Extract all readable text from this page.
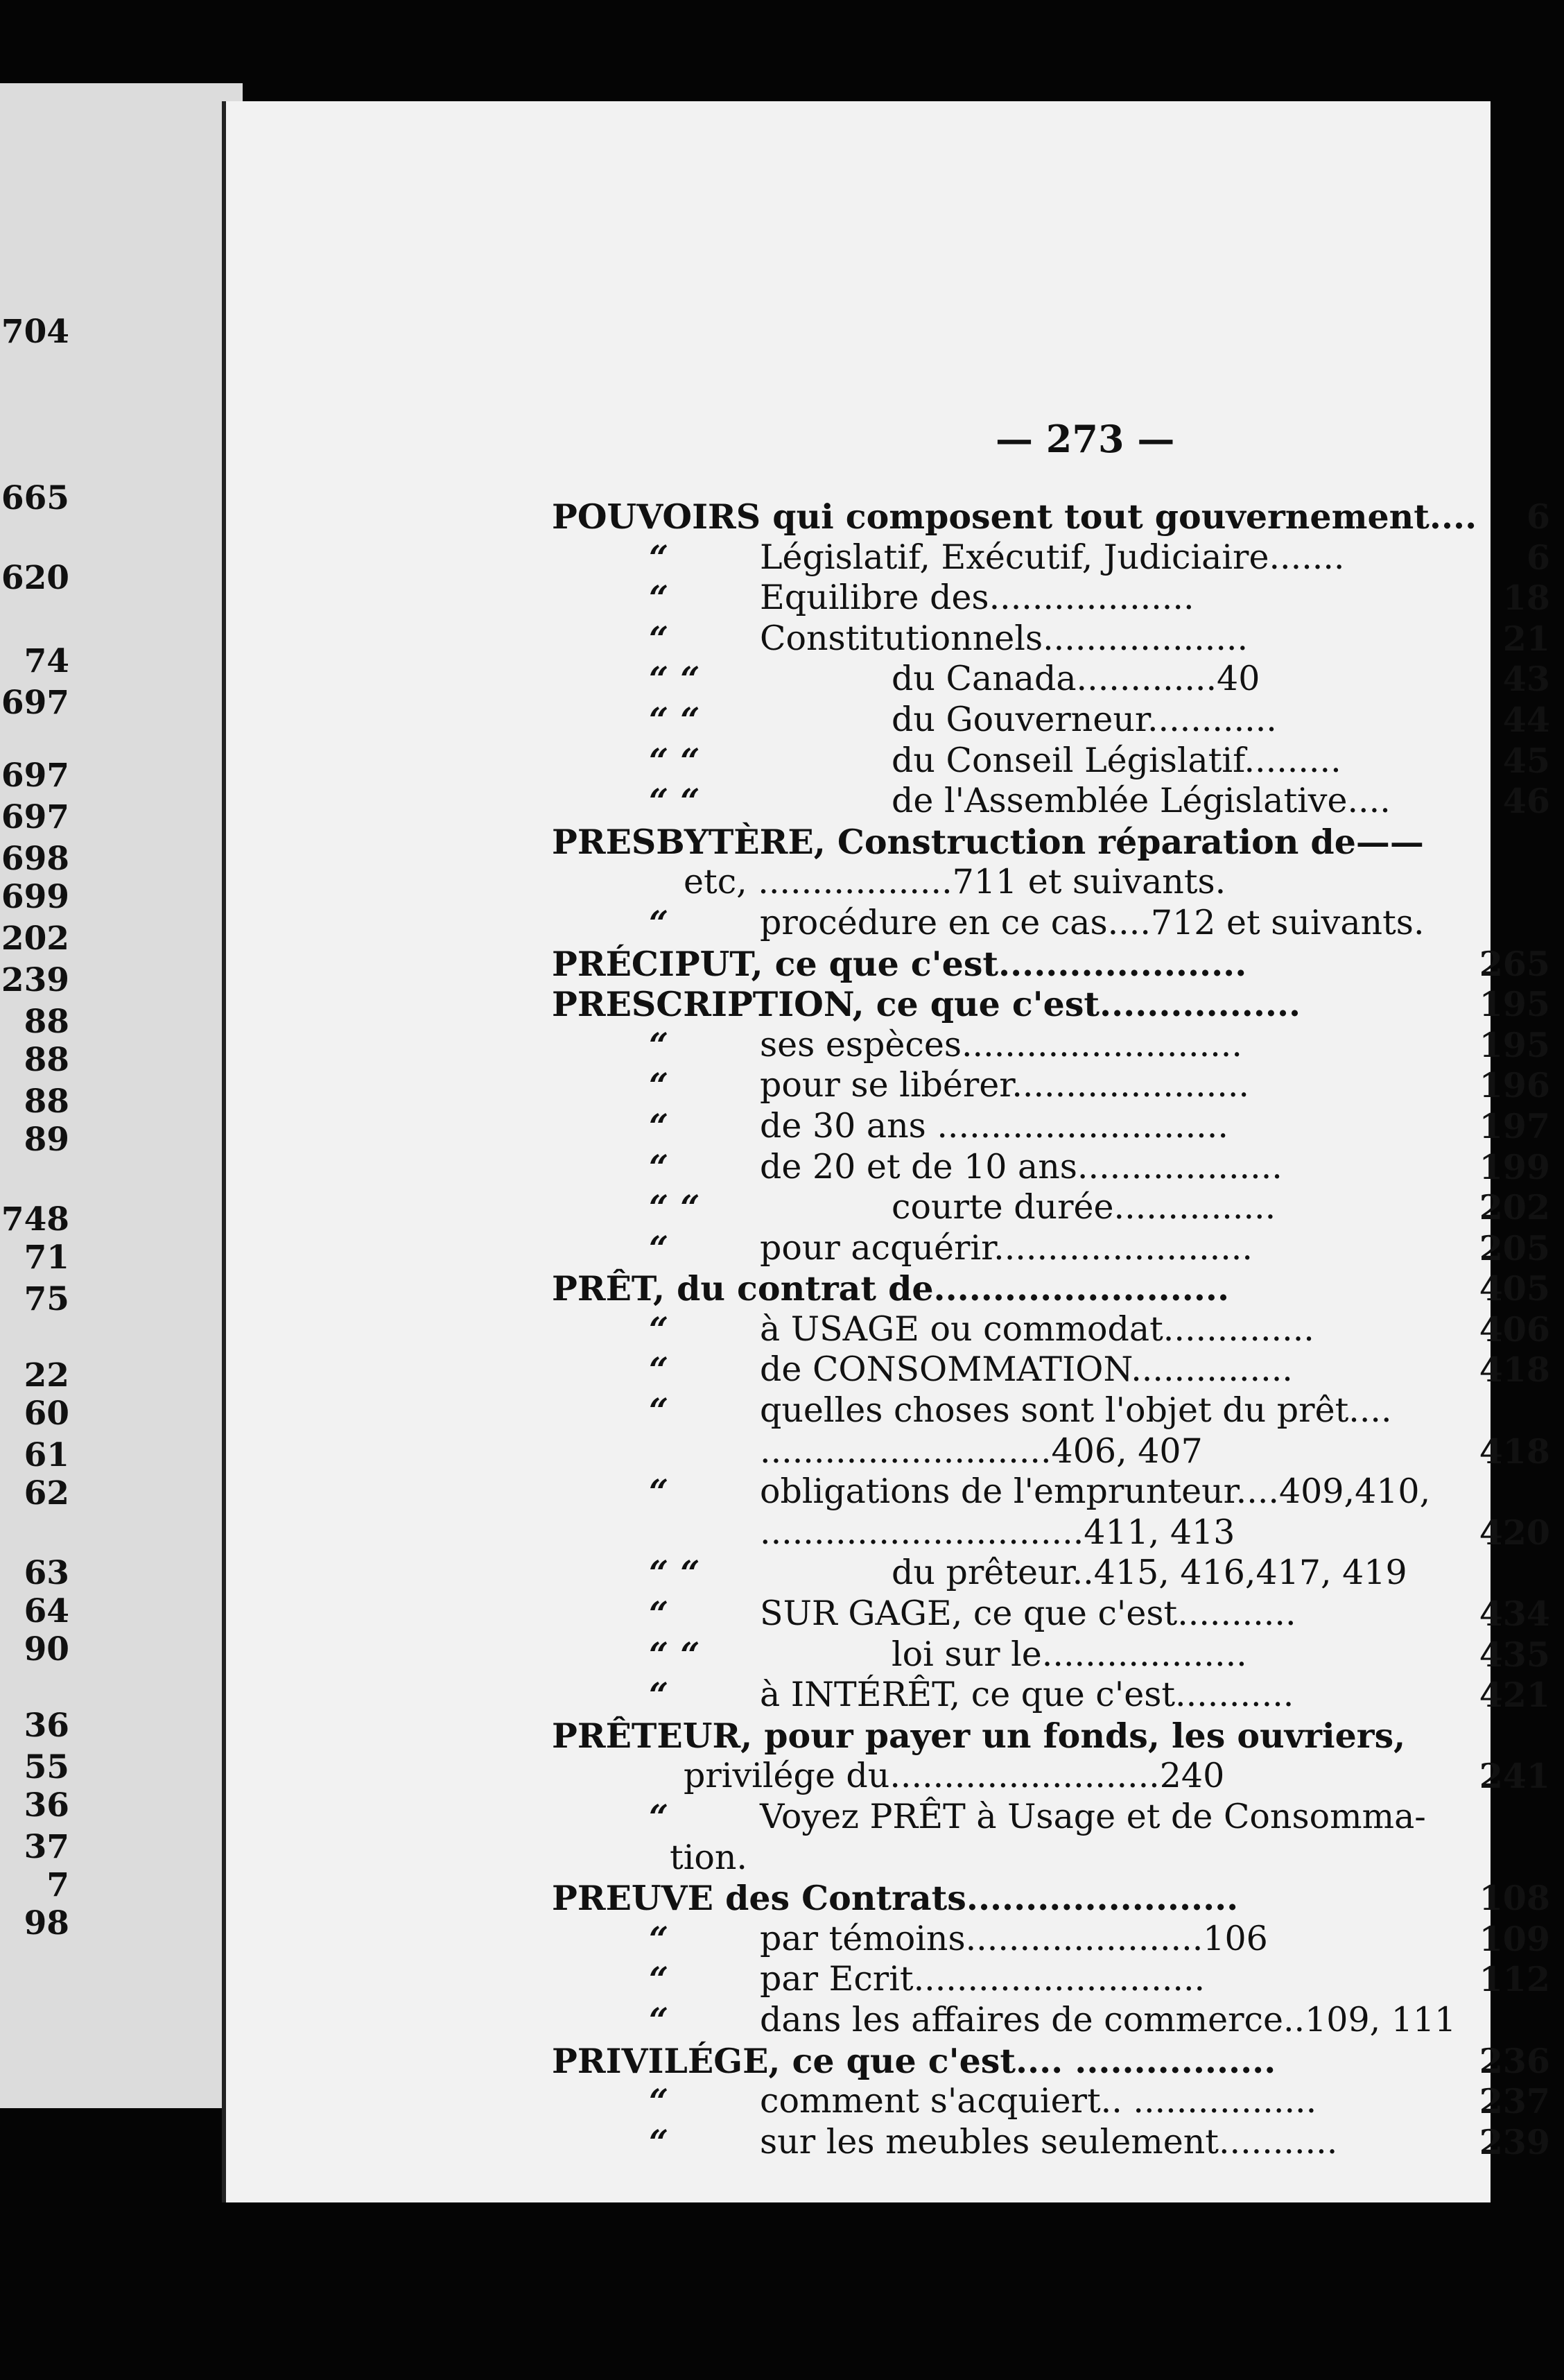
704
665
620
74
697
697
697
698
699
202
239
88
88
88
89
748
71
75
22
60
61
62
63
64
90
36
55
36
37
7
98
— 273 —
POUVOIRS qui composent tout gouvernement....	6
“	Législatif, Exécutif, Judiciaire.......	6
“	Equilibre des...................	18
“	Constitutionnels...................	21
“ “	du Canada.............40	43
“ “	du Gouverneur............	44
“ “	du Conseil Législatif.........	45
“ “	de l'Assemblée Législative....	46
PRESBYTÈRE, Construction réparation de——
etc, ..................711 et suivants.
“	procédure en ce cas....712 et suivants.
PRÉCIPUT, ce que c'est.....................	265
PRESCRIPTION, ce que c'est.................	195
“	ses espèces..........................	195
“	pour se libérer......................	196
“	de 30 ans ...........................	197
“	de 20 et de 10 ans...................	199
“ “	courte durée...............	202
“	pour acquérir........................	205
PRÊT, du contrat de.........................	405
“	à USAGE ou commodat..............	406
“	de CONSOMMATION...............	418
“	quelles choses sont l'objet du prêt....
...........................406, 407	418
“	obligations de l'emprunteur....409,410,
..............................411, 413	420
“ “	du prêteur..415, 416,417, 419
“	SUR GAGE, ce que c'est...........	434
“ “	loi sur le...................	435
“	à INTÉRÊT, ce que c'est...........	421
PRÊTEUR, pour payer un fonds, les ouvriers,
privilége du.........................240	241
“	Voyez PRÊT à Usage et de Consomma-
tion.
PREUVE des Contrats.......................	108
“	par témoins......................106	109
“	par Ecrit...........................	112
“	dans les affaires de commerce..109, 111
PRIVILÉGE, ce que c'est.... .................	236
“	comment s'acquiert.. .................	237
“	sur les meubles seulement...........	239
